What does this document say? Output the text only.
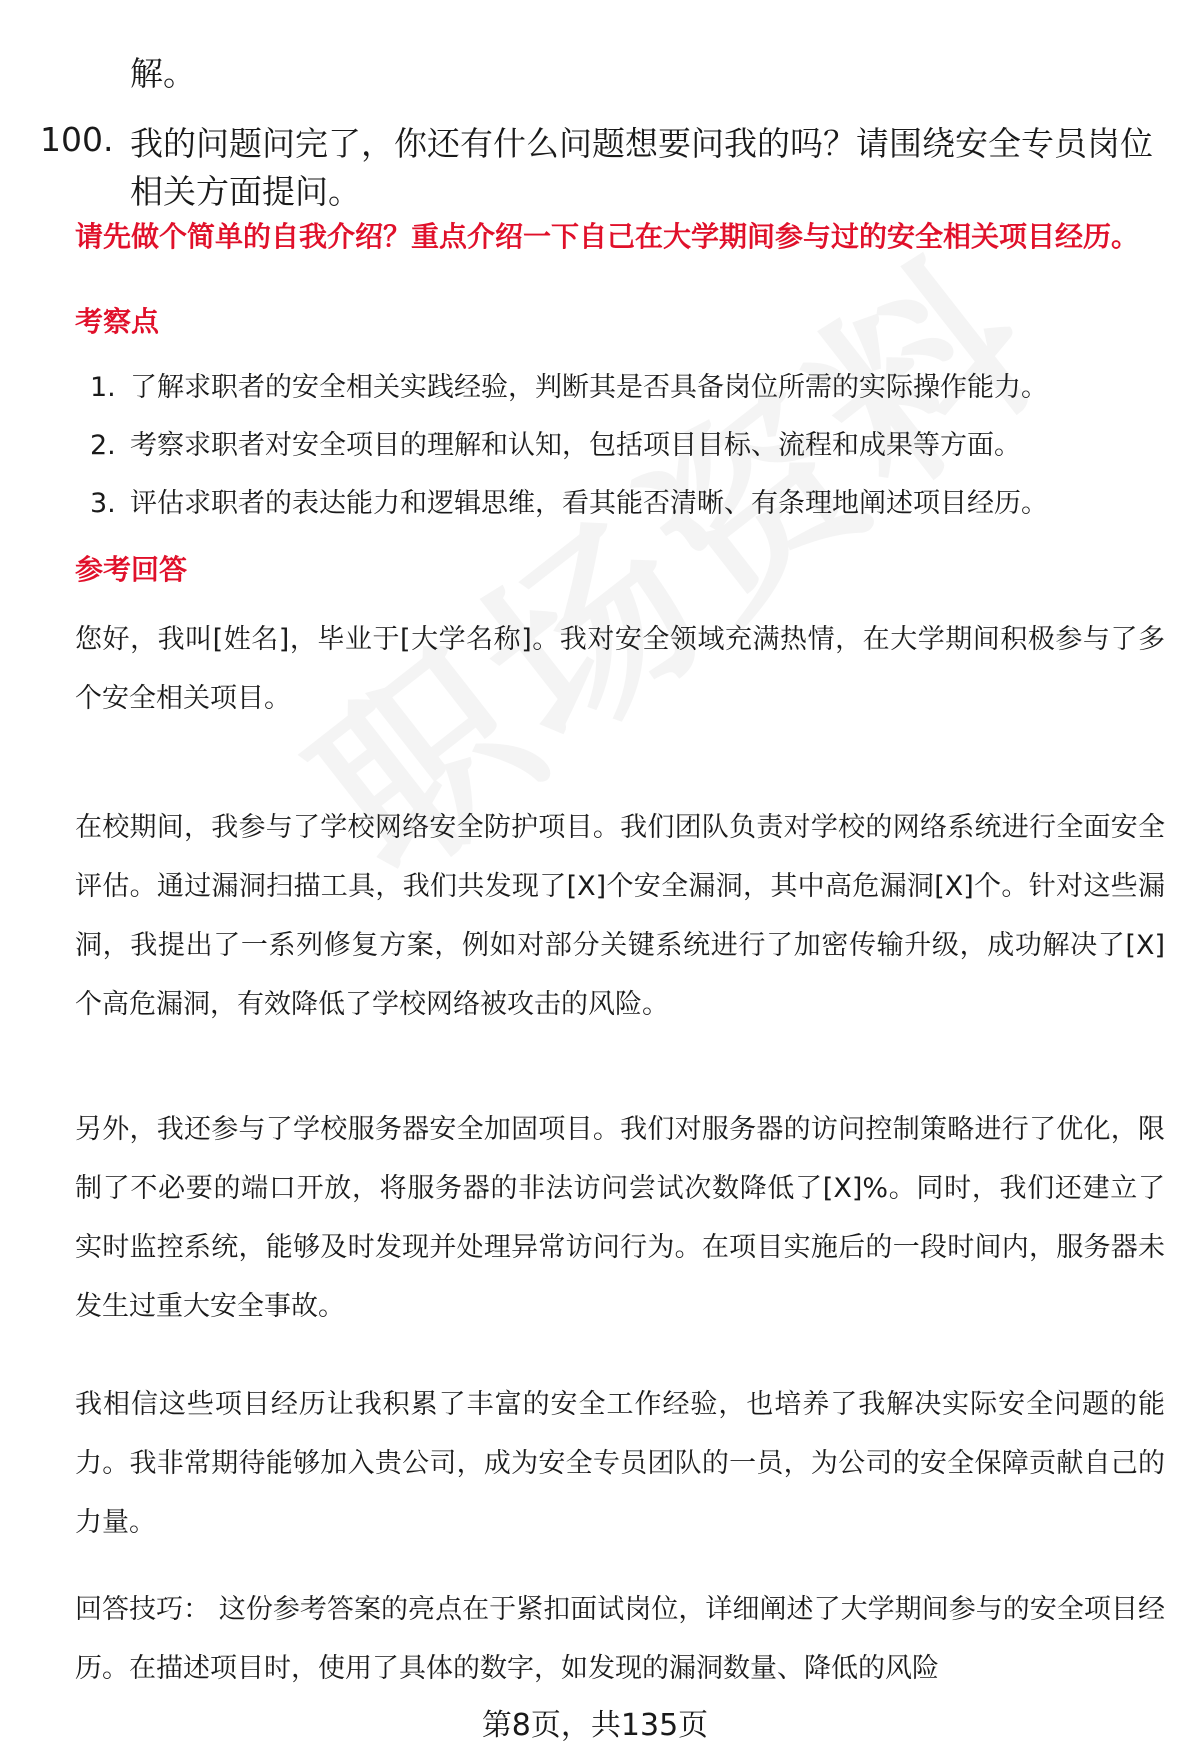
解。
100. 我的问题问完了，你还有什么问题想要问我的吗？请围绕安全专员岗位相关方面提问。
请先做个简单的自我介绍？重点介绍一下自己在大学期间参与过的安全相关项目经历。
考察点
1. 了解求职者的安全相关实践经验，判断其是否具备岗位所需的实际操作能力。
2. 考察求职者对安全项目的理解和认知，包括项目目标、流程和成果等方面。
3. 评估求职者的表达能力和逻辑思维，看其能否清晰、有条理地阐述项目经历。
参考回答
您好，我叫[姓名]，毕业于[大学名称]。我对安全领域充满热情，在大学期间积极参与了多个安全相关项目。
在校期间，我参与了学校网络安全防护项目。我们团队负责对学校的网络系统进行全面安全评估。通过漏洞扫描工具，我们共发现了[X]个安全漏洞，其中高危漏洞[X]个。针对这些漏洞，我提出了一系列修复方案，例如对部分关键系统进行了加密传输升级，成功解决了[X]个高危漏洞，有效降低了学校网络被攻击的风险。
另外，我还参与了学校服务器安全加固项目。我们对服务器的访问控制策略进行了优化，限制了不必要的端口开放，将服务器的非法访问尝试次数降低了[X]%。同时，我们还建立了实时监控系统，能够及时发现并处理异常访问行为。在项目实施后的一段时间内，服务器未发生过重大安全事故。
我相信这些项目经历让我积累了丰富的安全工作经验，也培养了我解决实际安全问题的能力。我非常期待能够加入贵公司，成为安全专员团队的一员，为公司的安全保障贡献自己的力量。
回答技巧： 这份参考答案的亮点在于紧扣面试岗位，详细阐述了大学期间参与的安全项目经历。在描述项目时，使用了具体的数字，如发现的漏洞数量、降低的风险
第8页，共135页
